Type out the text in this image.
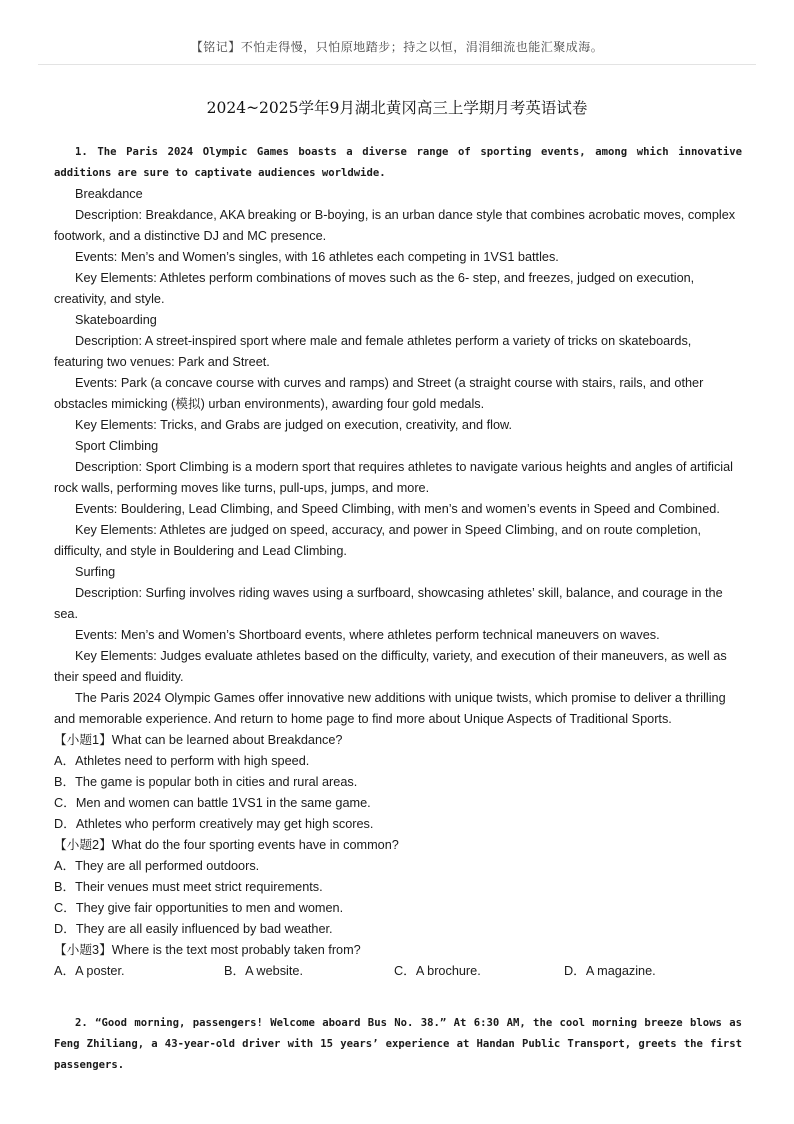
【铭记】不怕走得慢，只怕原地踏步；持之以恒，涓涓细流也能汇聚成海。
2024~2025学年9月湖北黄冈高三上学期月考英语试卷

1. The Paris 2024 Olympic Games boasts a diverse range of sporting events, among which innovative additions are sure to captivate audiences worldwide.

Breakdance

Description: Breakdance, AKA breaking or B-boying, is an urban dance style that combines acrobatic moves, complex footwork, and a distinctive DJ and MC presence.

Events: Men’s and Women’s singles, with 16 athletes each competing in 1VS1 battles.

Key Elements: Athletes perform combinations of moves such as the 6- step, and freezes, judged on execution, creativity, and style.

Skateboarding

Description: A street-inspired sport where male and female athletes perform a variety of tricks on skateboards, featuring two venues: Park and Street.

Events: Park (a concave course with curves and ramps) and Street (a straight course with stairs, rails, and other obstacles mimicking (模拟) urban environments), awarding four gold medals.

Key Elements: Tricks, and Grabs are judged on execution, creativity, and flow.

Sport Climbing

Description: Sport Climbing is a modern sport that requires athletes to navigate various heights and angles of artificial rock walls, performing moves like turns, pull-ups, jumps, and more.

Events: Bouldering, Lead Climbing, and Speed Climbing, with men’s and women’s events in Speed and Combined.

Key Elements: Athletes are judged on speed, accuracy, and power in Speed Climbing, and on route completion, difficulty, and style in Bouldering and Lead Climbing.

Surfing

Description: Surfing involves riding waves using a surfboard, showcasing athletes’ skill, balance, and courage in the sea.

Events: Men’s and Women’s Shortboard events, where athletes perform technical maneuvers on waves.

Key Elements: Judges evaluate athletes based on the difficulty, variety, and execution of their maneuvers, as well as their speed and fluidity.

The Paris 2024 Olympic Games offer innovative new additions with unique twists, which promise to deliver a thrilling and memorable experience. And return to home page to find more about Unique Aspects of Traditional Sports.

【小题1】What can be learned about Breakdance?

A．Athletes need to perform with high speed.

B．The game is popular both in cities and rural areas.

C．Men and women can battle 1VS1 in the same game.

D．Athletes who perform creatively may get high scores.

【小题2】What do the four sporting events have in common?

A．They are all performed outdoors.

B．Their venues must meet strict requirements.

C．They give fair opportunities to men and women.

D．They are all easily influenced by bad weather.

【小题3】Where is the text most probably taken from?

A．A poster.	B．A website.	C．A brochure.	D．A magazine.

2. “Good morning, passengers! Welcome aboard Bus No. 38.” At 6:30 AM, the cool morning breeze blows as Feng Zhiliang, a 43-year-old driver with 15 years’ experience at Handan Public Transport, greets the first passengers.
